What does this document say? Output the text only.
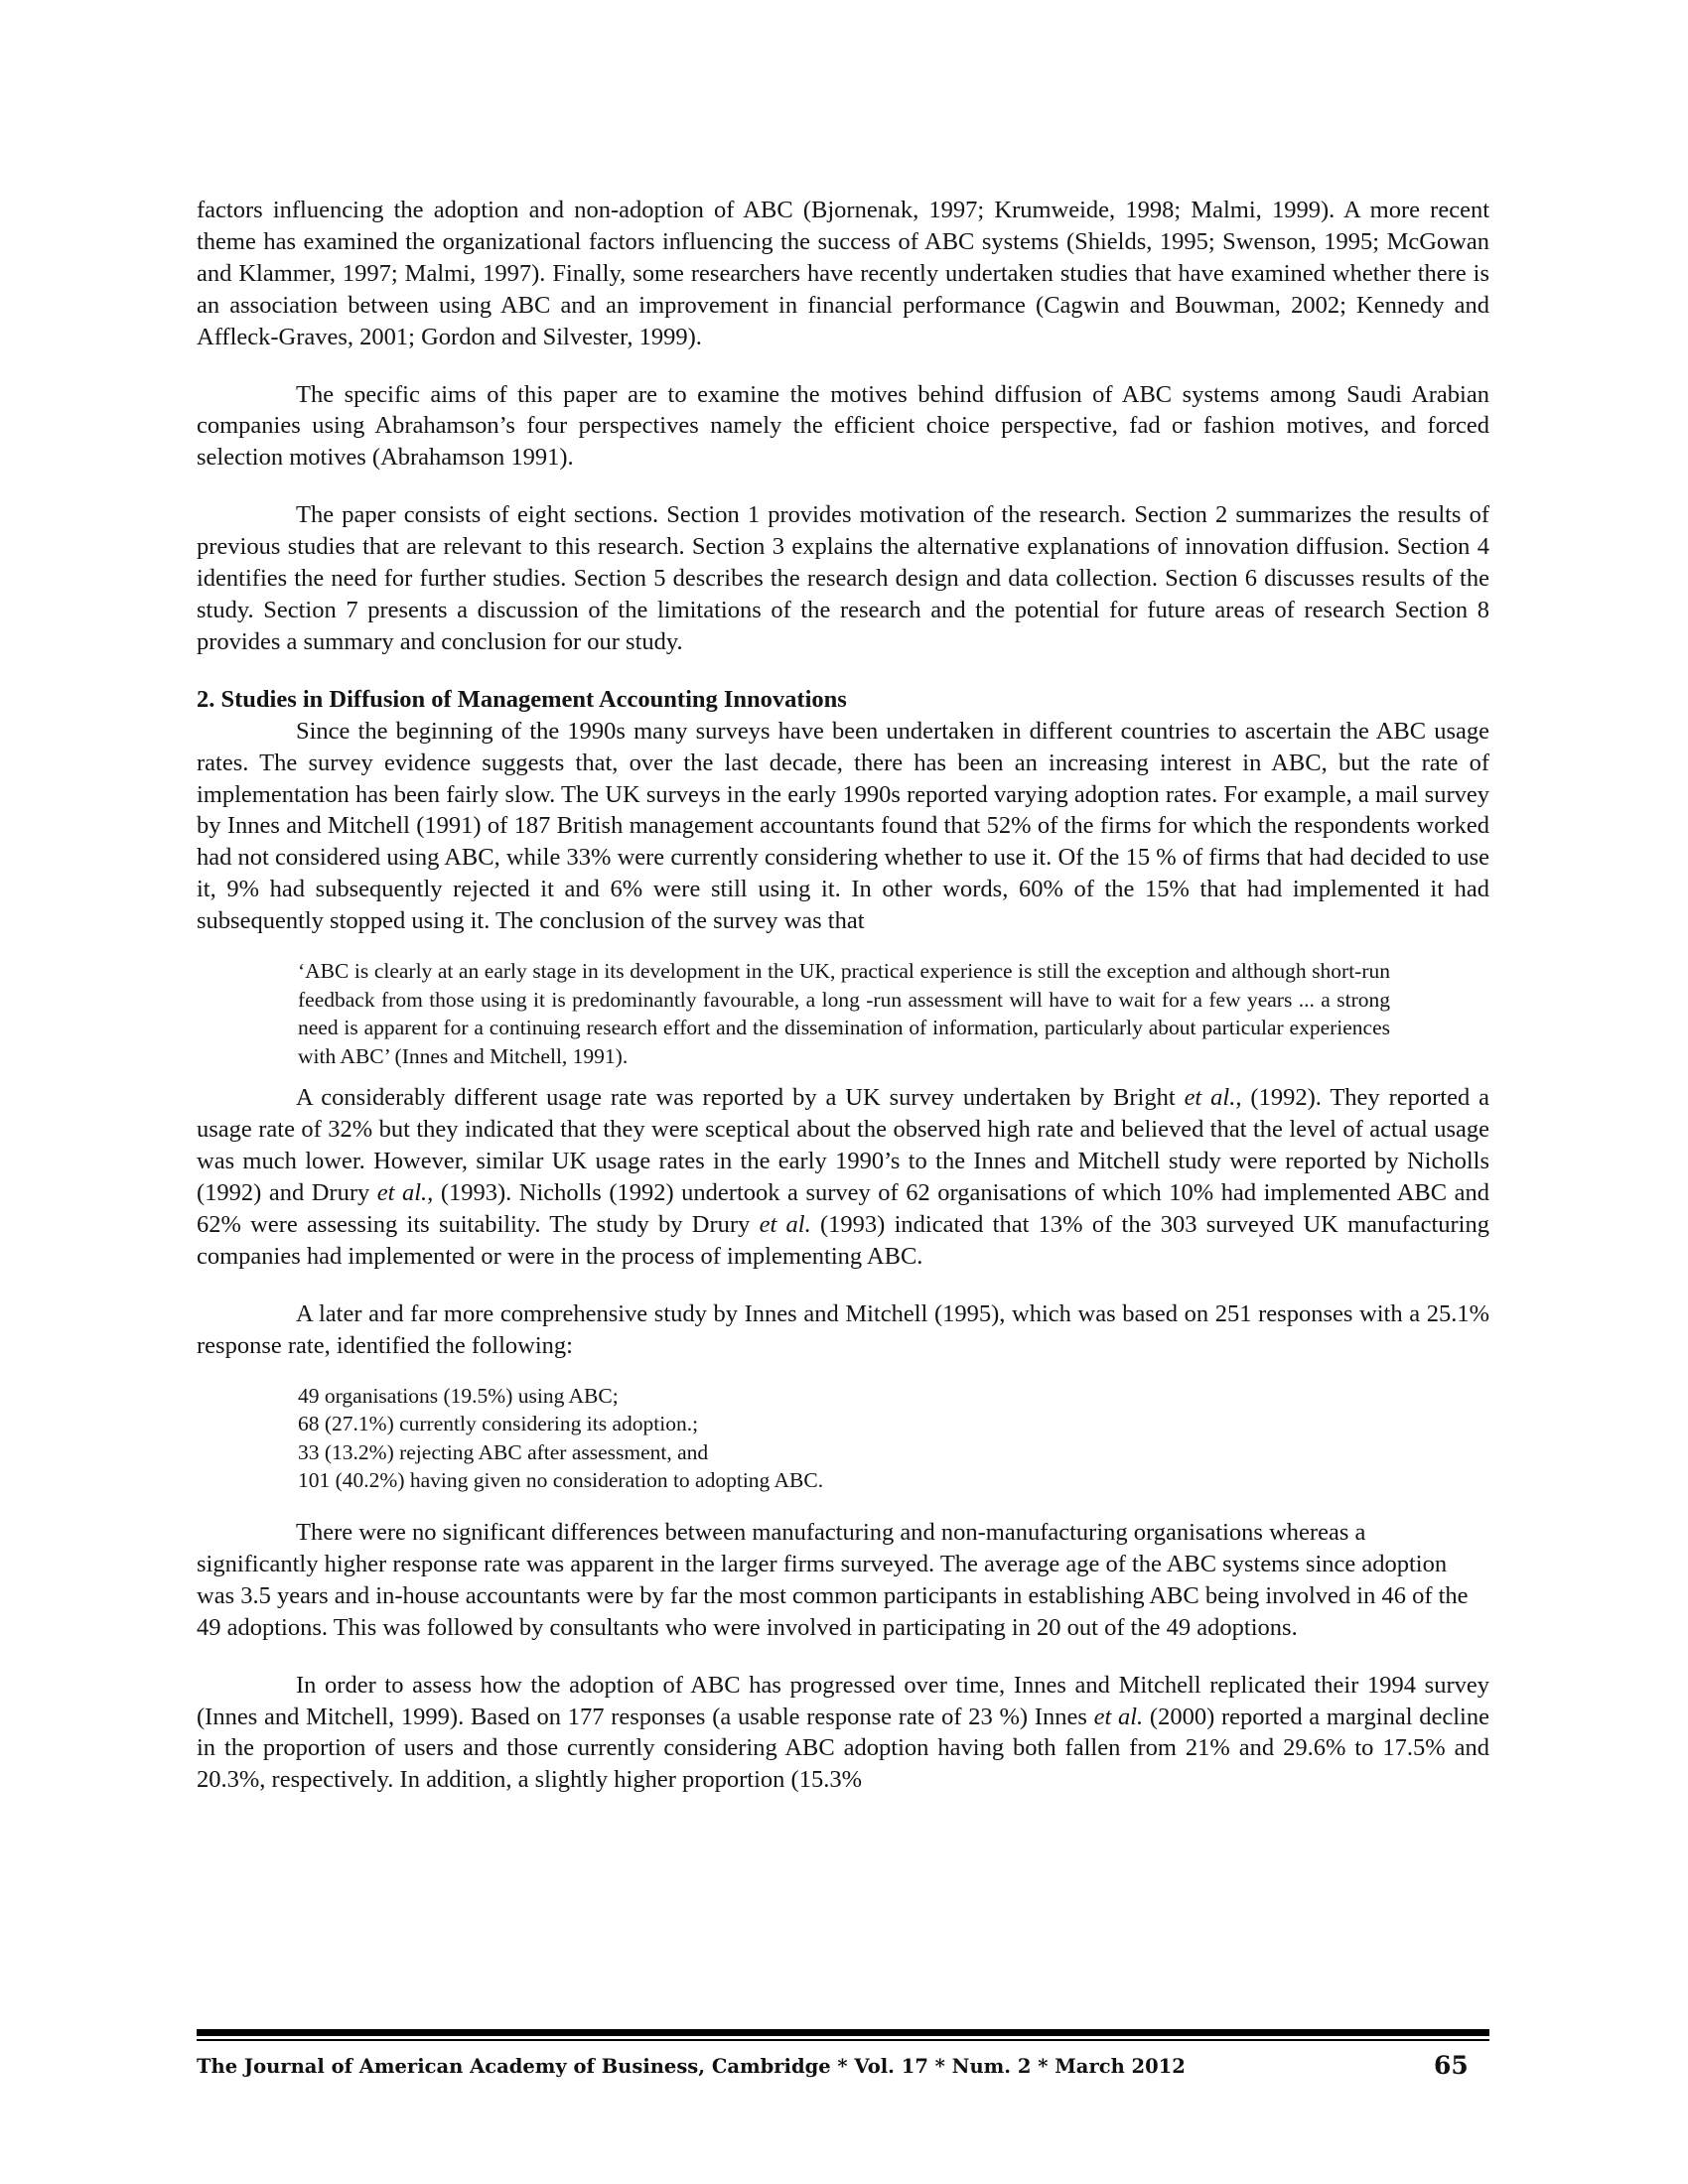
factors influencing the adoption and non-adoption of ABC (Bjornenak, 1997; Krumweide, 1998; Malmi, 1999). A more recent theme has examined the organizational factors influencing the success of ABC systems (Shields, 1995; Swenson, 1995; McGowan and Klammer, 1997; Malmi, 1997). Finally, some researchers have recently undertaken studies that have examined whether there is an association between using ABC and an improvement in financial performance (Cagwin and Bouwman, 2002; Kennedy and Affleck-Graves, 2001; Gordon and Silvester, 1999).

The specific aims of this paper are to examine the motives behind diffusion of ABC systems among Saudi Arabian companies using Abrahamson’s four perspectives namely the efficient choice perspective, fad or fashion motives, and forced selection motives (Abrahamson 1991).

The paper consists of eight sections. Section 1 provides motivation of the research. Section 2 summarizes the results of previous studies that are relevant to this research. Section 3 explains the alternative explanations of innovation diffusion. Section 4 identifies the need for further studies. Section 5 describes the research design and data collection. Section 6 discusses results of the study. Section 7 presents a discussion of the limitations of the research and the potential for future areas of research Section 8 provides a summary and conclusion for our study.

2. Studies in Diffusion of Management Accounting Innovations

Since the beginning of the 1990s many surveys have been undertaken in different countries to ascertain the ABC usage rates. The survey evidence suggests that, over the last decade, there has been an increasing interest in ABC, but the rate of implementation has been fairly slow. The UK surveys in the early 1990s reported varying adoption rates. For example, a mail survey by Innes and Mitchell (1991) of 187 British management accountants found that 52% of the firms for which the respondents worked had not considered using ABC, while 33% were currently considering whether to use it. Of the 15 % of firms that had decided to use it, 9% had subsequently rejected it and 6% were still using it. In other words, 60% of the 15% that had implemented it had subsequently stopped using it. The conclusion of the survey was that

‘ABC is clearly at an early stage in its development in the UK, practical experience is still the exception and although short-run feedback from those using it is predominantly favourable, a long -run assessment will have to wait for a few years ... a strong need is apparent for a continuing research effort and the dissemination of information, particularly about particular experiences with ABC’ (Innes and Mitchell, 1991).

A considerably different usage rate was reported by a UK survey undertaken by Bright et al., (1992). They reported a usage rate of 32% but they indicated that they were sceptical about the observed high rate and believed that the level of actual usage was much lower. However, similar UK usage rates in the early 1990’s to the Innes and Mitchell study were reported by Nicholls (1992) and Drury et al., (1993). Nicholls (1992) undertook a survey of 62 organisations of which 10% had implemented ABC and 62% were assessing its suitability. The study by Drury et al. (1993) indicated that 13% of the 303 surveyed UK manufacturing companies had implemented or were in the process of implementing ABC.

A later and far more comprehensive study by Innes and Mitchell (1995), which was based on 251 responses with a 25.1% response rate, identified the following:

49 organisations (19.5%) using ABC;
68 (27.1%) currently considering its adoption.;
33 (13.2%) rejecting ABC after assessment, and
101 (40.2%) having given no consideration to adopting ABC.

There were no significant differences between manufacturing and non-manufacturing organisations whereas a significantly higher response rate was apparent in the larger firms surveyed. The average age of the ABC systems since adoption was 3.5 years and in-house accountants were by far the most common participants in establishing ABC being involved in 46 of the 49 adoptions. This was followed by consultants who were involved in participating in 20 out of the 49 adoptions.

In order to assess how the adoption of ABC has progressed over time, Innes and Mitchell replicated their 1994 survey (Innes and Mitchell, 1999). Based on 177 responses (a usable response rate of 23 %) Innes et al. (2000) reported a marginal decline in the proportion of users and those currently considering ABC adoption having both fallen from 21% and 29.6% to 17.5% and 20.3%, respectively. In addition, a slightly higher proportion (15.3%

The Journal of American Academy of Business, Cambridge * Vol. 17 * Num. 2 * March 2012	65
